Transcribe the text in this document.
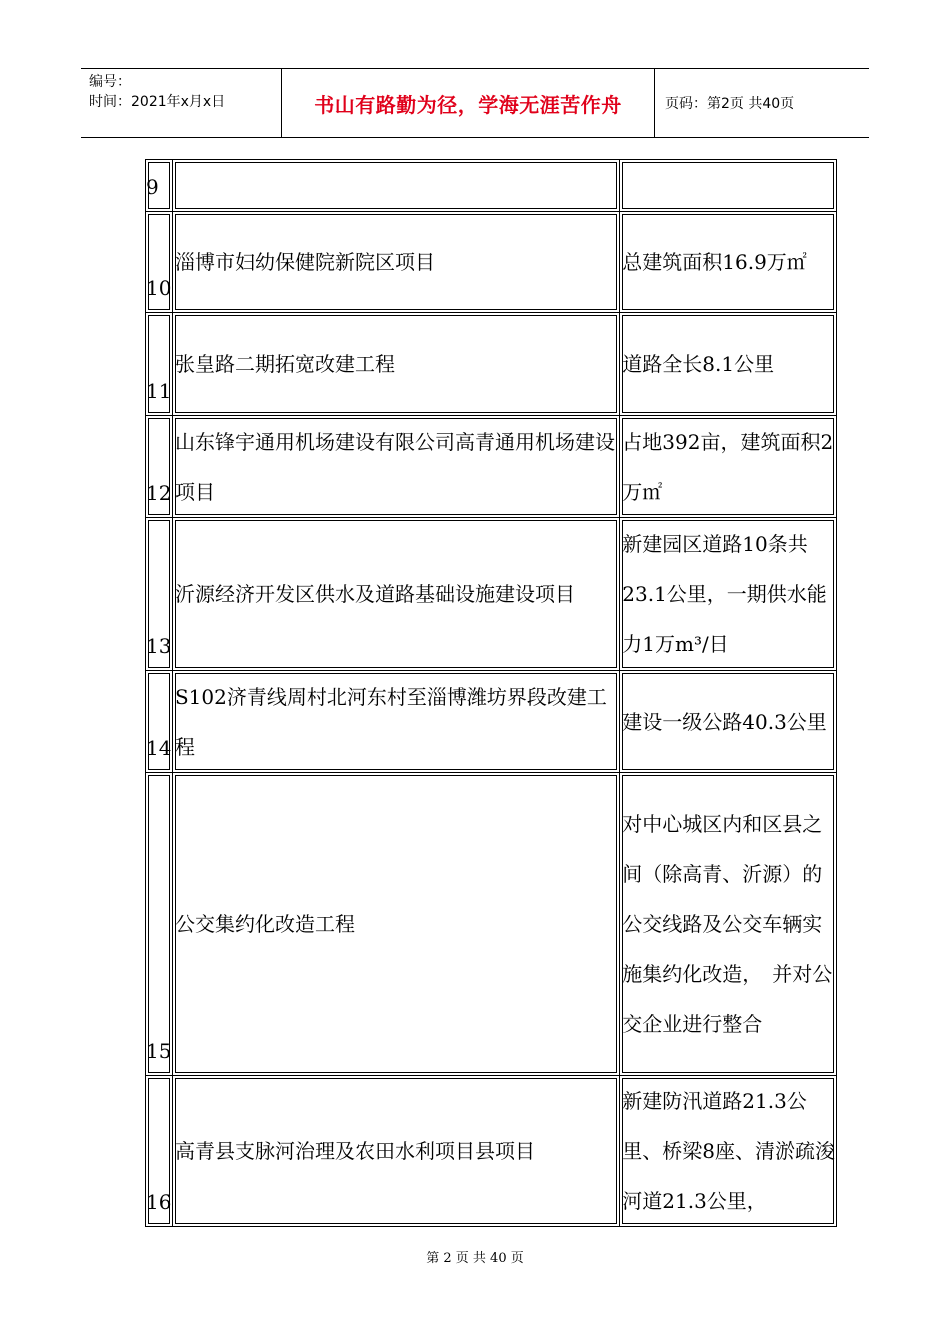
编号：
时间：2021年x月x日	书山有路勤为径，学海无涯苦作舟	页码：第2页 共40页
9		
10	淄博市妇幼保健院新院区项目	总建筑面积16.9万㎡
11	张皇路二期拓宽改建工程	道路全长8.1公里
12	山东锋宇通用机场建设有限公司高青通用机场建设项目	占地392亩，建筑面积2万㎡
13	沂源经济开发区供水及道路基础设施建设项目	新建园区道路10条共23.1公里，一期供水能力1万m³/日
14	S102济青线周村北河东村至淄博潍坊界段改建工程	建设一级公路40.3公里
15	公交集约化改造工程	对中心城区内和区县之间（除高青、沂源）的公交线路及公交车辆实施集约化改造，　并对公交企业进行整合
16	高青县支脉河治理及农田水利项目县项目	新建防汛道路21.3公里、桥梁8座、清淤疏浚河道21.3公里，
第 2 页 共 40 页
